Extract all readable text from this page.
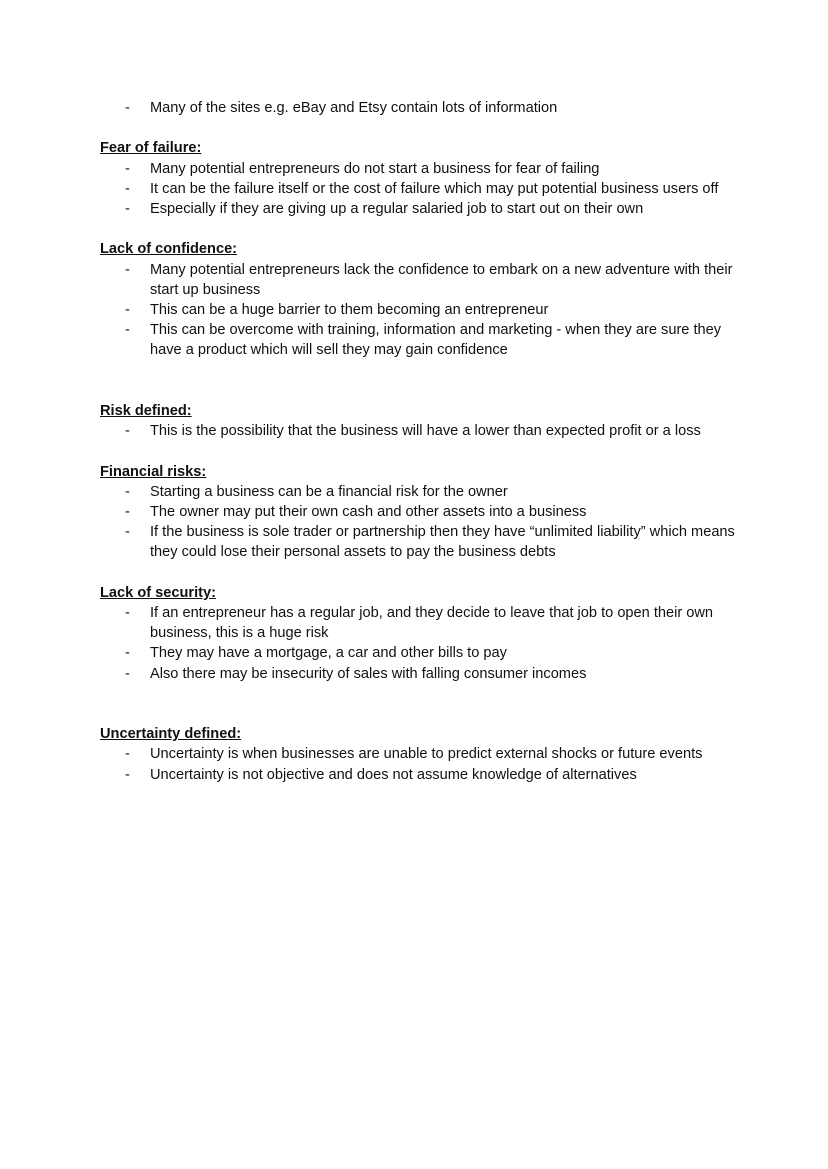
- Many of the sites e.g. eBay and Etsy contain lots of information

Fear of failure:

- Many potential entrepreneurs do not start a business for fear of failing
- It can be the failure itself or the cost of failure which may put potential business users off
- Especially if they are giving up a regular salaried job to start out on their own

Lack of confidence:

- Many potential entrepreneurs lack the confidence to embark on a new adventure with their start up business
- This can be a huge barrier to them becoming an entrepreneur
- This can be overcome with training, information and marketing - when they are sure they have a product which will sell they may gain confidence

Risk defined:

- This is the possibility that the business will have a lower than expected profit or a loss

Financial risks:

- Starting a business can be a financial risk for the owner
- The owner may put their own cash and other assets into a business
- If the business is sole trader or partnership then they have “unlimited liability” which means they could lose their personal assets to pay the business debts

Lack of security:

- If an entrepreneur has a regular job, and they decide to leave that job to open their own business, this is a huge risk
- They may have a mortgage, a car and other bills to pay
- Also there may be insecurity of sales with falling consumer incomes

Uncertainty defined:

- Uncertainty is when businesses are unable to predict external shocks or future events
- Uncertainty is not objective and does not assume knowledge of alternatives
